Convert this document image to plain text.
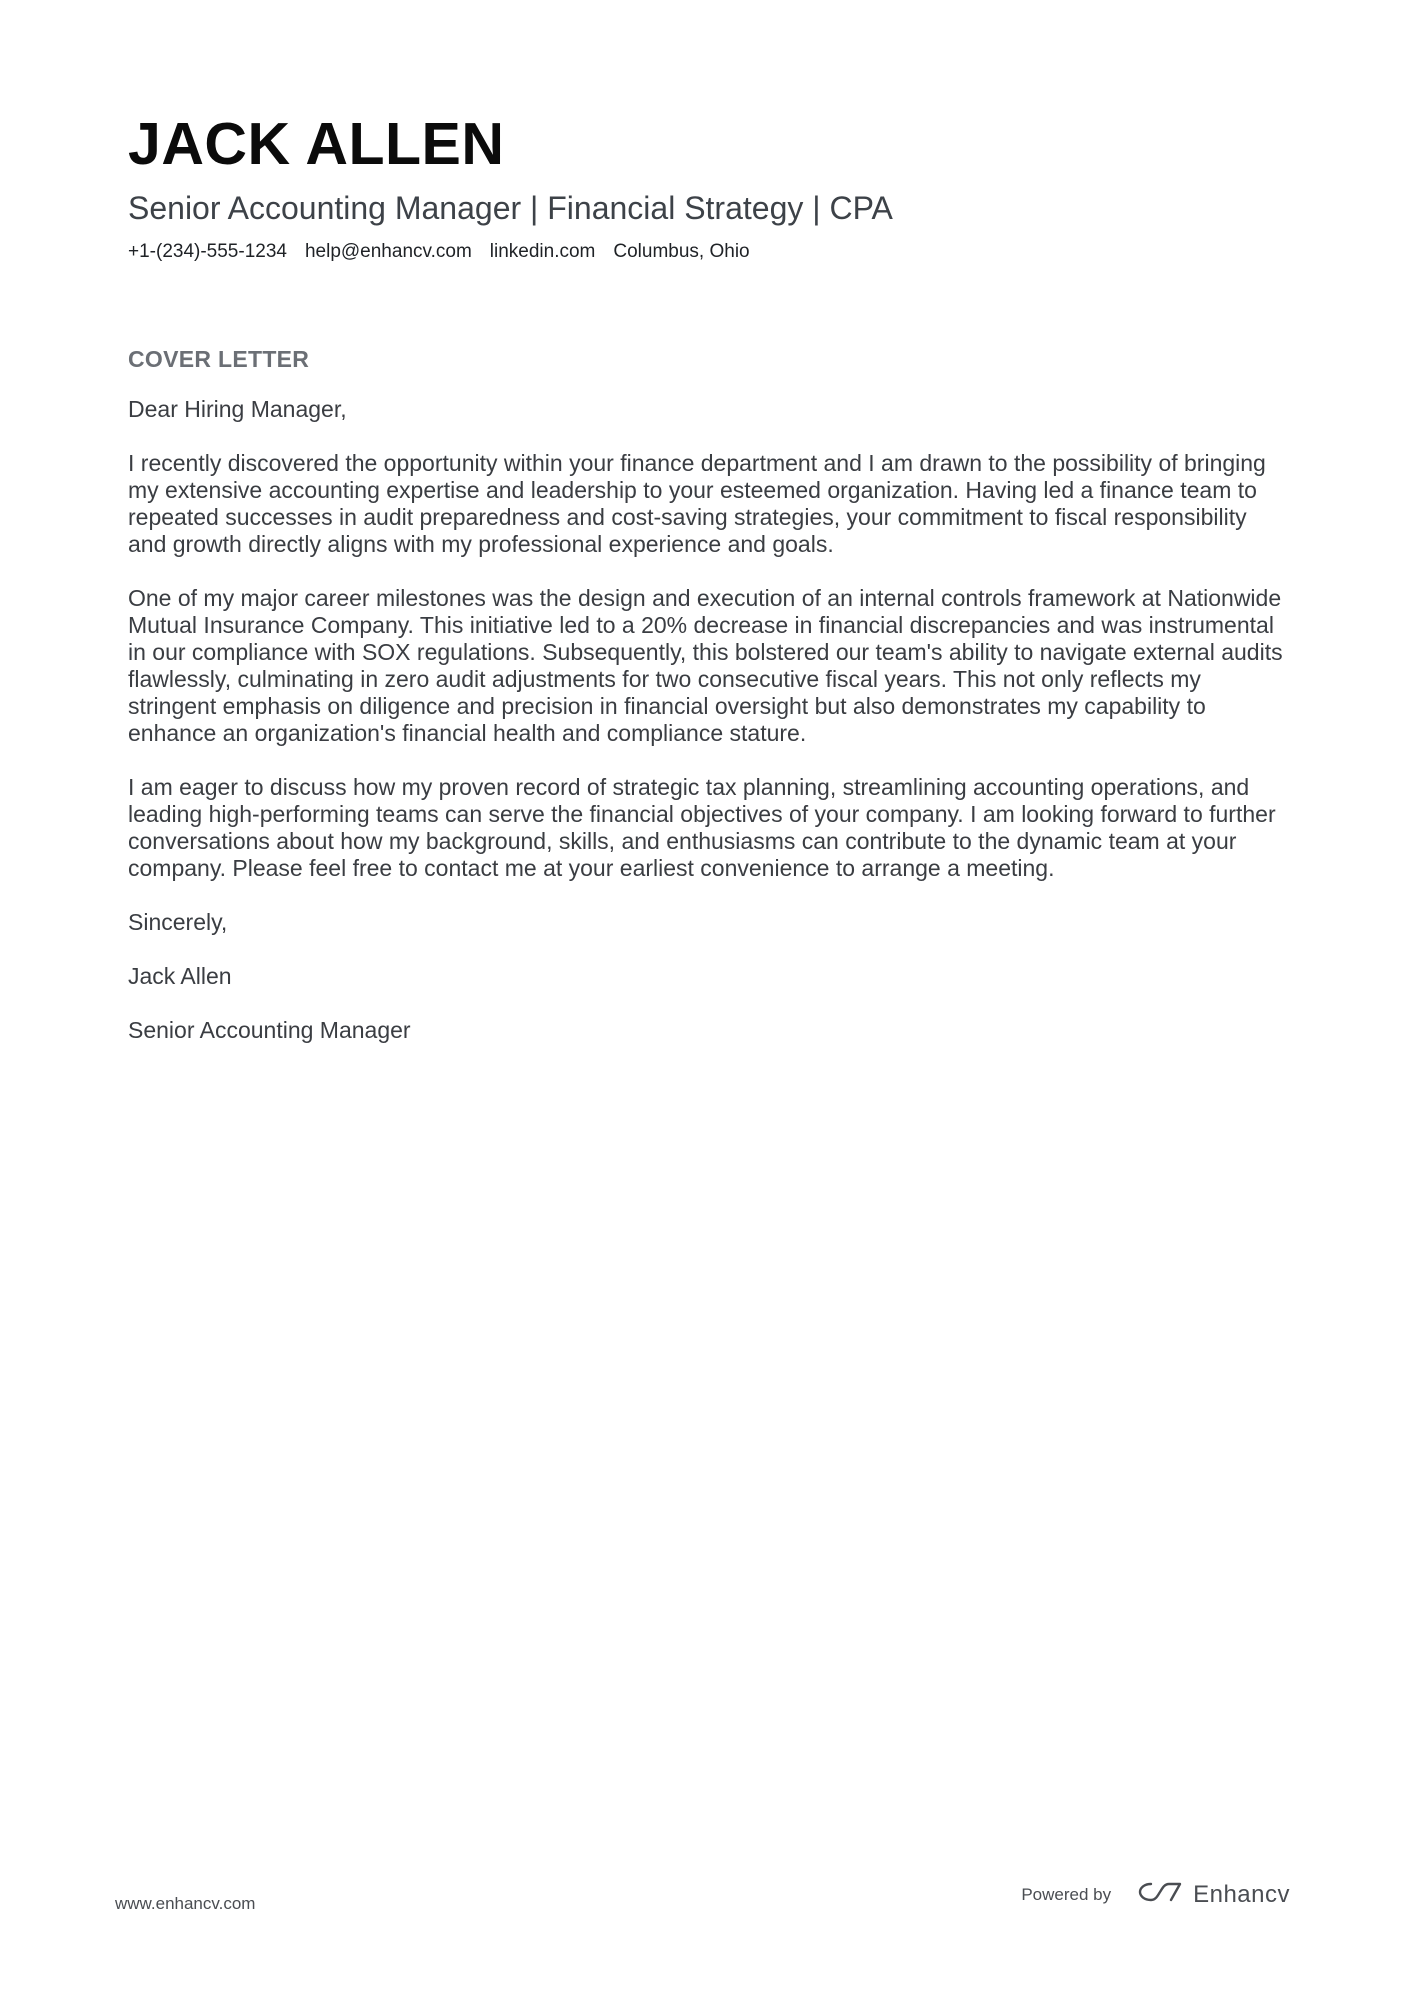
JACK ALLEN
Senior Accounting Manager | Financial Strategy | CPA
+1-(234)-555-1234 help@enhancv.com linkedin.com Columbus, Ohio
COVER LETTER

Dear Hiring Manager,

I recently discovered the opportunity within your finance department and I am drawn to the possibility of bringing my extensive accounting expertise and leadership to your esteemed organization. Having led a finance team to repeated successes in audit preparedness and cost-saving strategies, your commitment to fiscal responsibility and growth directly aligns with my professional experience and goals.

One of my major career milestones was the design and execution of an internal controls framework at Nationwide Mutual Insurance Company. This initiative led to a 20% decrease in financial discrepancies and was instrumental in our compliance with SOX regulations. Subsequently, this bolstered our team's ability to navigate external audits flawlessly, culminating in zero audit adjustments for two consecutive fiscal years. This not only reflects my stringent emphasis on diligence and precision in financial oversight but also demonstrates my capability to enhance an organization's financial health and compliance stature.

I am eager to discuss how my proven record of strategic tax planning, streamlining accounting operations, and leading high-performing teams can serve the financial objectives of your company. I am looking forward to further conversations about how my background, skills, and enthusiasms can contribute to the dynamic team at your company. Please feel free to contact me at your earliest convenience to arrange a meeting.

Sincerely,

Jack Allen

Senior Accounting Manager

www.enhancv.com	Powered by	Enhancv
